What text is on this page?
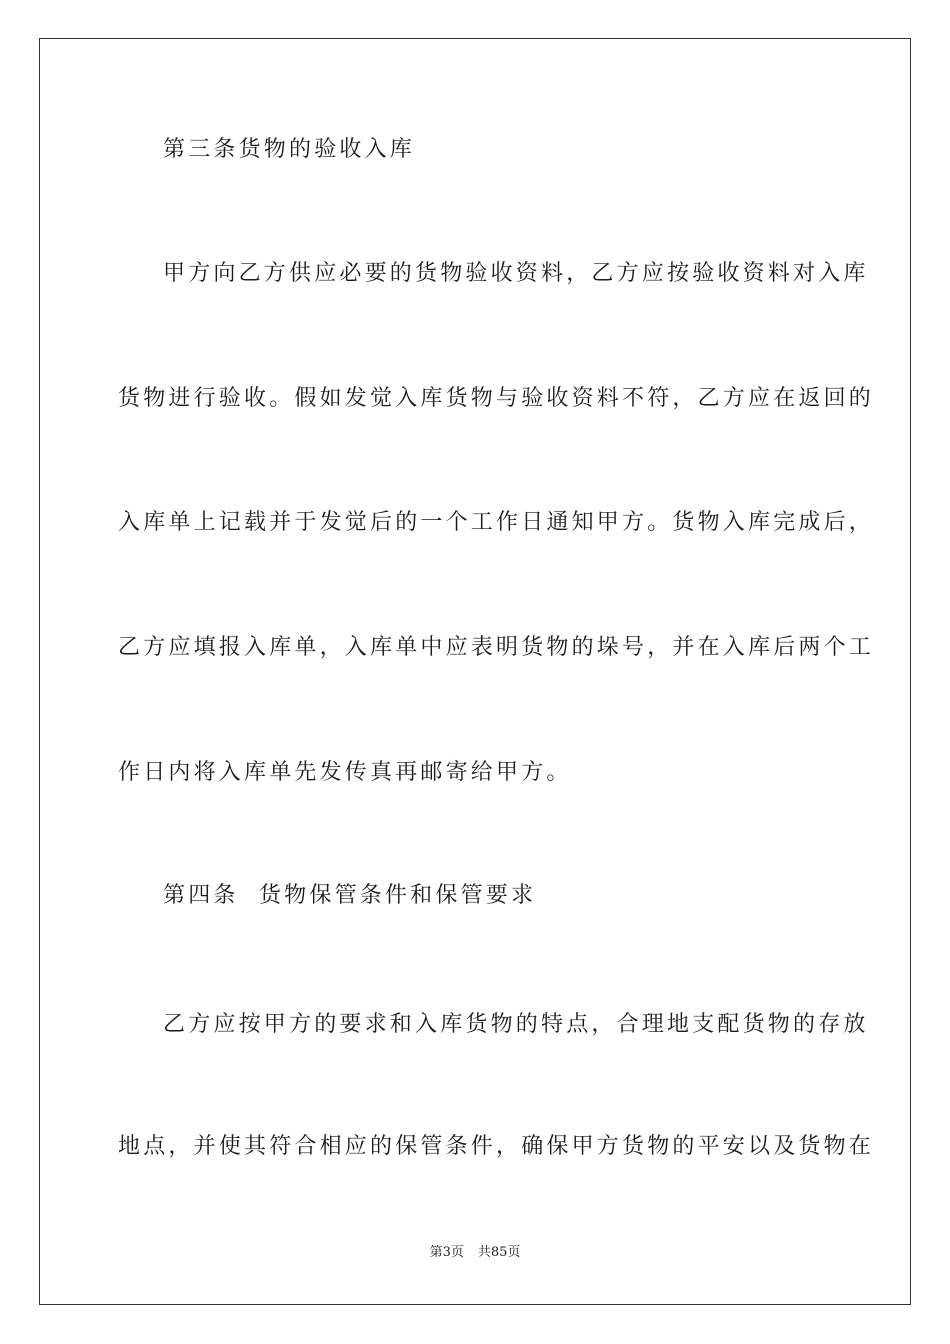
第三条货物的验收入库
甲方向乙方供应必要的货物验收资料，乙方应按验收资料对入库
货物进行验收。假如发觉入库货物与验收资料不符，乙方应在返回的
入库单上记载并于发觉后的一个工作日通知甲方。货物入库完成后，
乙方应填报入库单，入库单中应表明货物的垛号，并在入库后两个工
作日内将入库单先发传真再邮寄给甲方。
第四条  货物保管条件和保管要求
乙方应按甲方的要求和入库货物的特点，合理地支配货物的存放
地点，并使其符合相应的保管条件，确保甲方货物的平安以及货物在
第3页 共85页
